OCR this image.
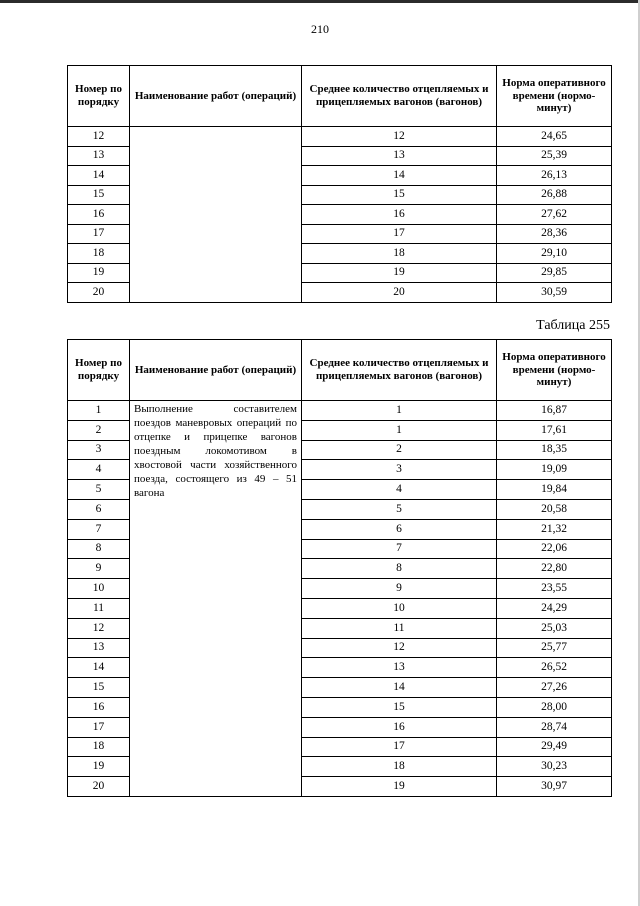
210
Номер по порядку	Наименование работ (операций)	Среднее количество отцепляемых и прицепляемых вагонов (вагонов)	Норма оперативного времени (нормо-минут)
12		12	24,65
13		13	25,39
14		14	26,13
15		15	26,88
16		16	27,62
17		17	28,36
18		18	29,10
19		19	29,85
20		20	30,59
Таблица 255
Номер по порядку	Наименование работ (операций)	Среднее количество отцепляемых и прицепляемых вагонов (вагонов)	Норма оперативного времени (нормо-минут)
1	Выполнение составителем поездов маневровых операций по отцепке и прицепке вагонов поездным локомотивом в хвостовой части хозяйственного поезда, состоящего из 49 – 51 вагона	1	16,87
2		1	17,61
3		2	18,35
4		3	19,09
5		4	19,84
6		5	20,58
7		6	21,32
8		7	22,06
9		8	22,80
10		9	23,55
11		10	24,29
12		11	25,03
13		12	25,77
14		13	26,52
15		14	27,26
16		15	28,00
17		16	28,74
18		17	29,49
19		18	30,23
20		19	30,97
